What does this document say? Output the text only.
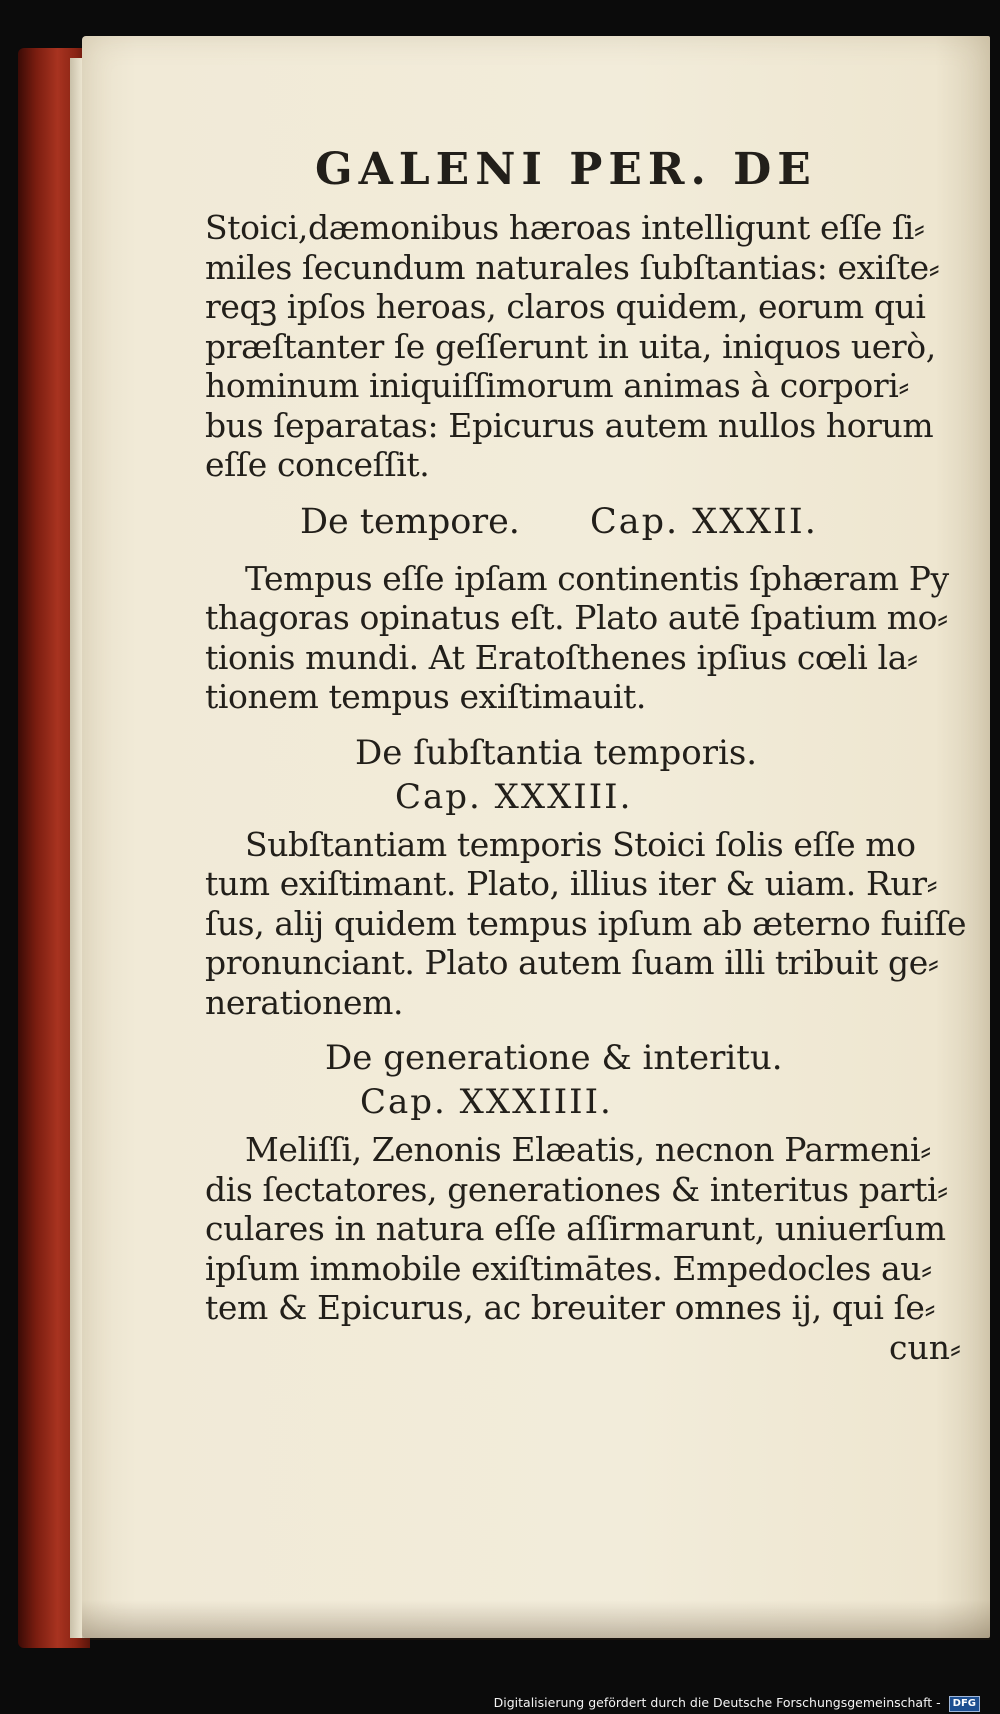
GALENI PER. DE
Stoici,dæmonibus hæroas intelligunt eſſe ſi⸗
miles ſecundum naturales ſubſtantias: exiſte⸗
reqꝫ ipſos heroas, claros quidem, eorum qui
præſtanter ſe geſſerunt in uita, iniquos uerò,
hominum iniquiſſimorum animas à corpori⸗
bus ſeparatas: Epicurus autem nullos horum
eſſe conceſſit.
De tempore. Cap. XXXII.
Tempus eſſe ipſam continentis ſphæram Py
thagoras opinatus eſt. Plato autē ſpatium mo⸗
tionis mundi. At Eratoſthenes ipſius cœli la⸗
tionem tempus exiſtimauit.
De ſubſtantia temporis.
Cap. XXXIII.
Subſtantiam temporis Stoici ſolis eſſe mo
tum exiſtimant. Plato, illius iter & uiam. Rur⸗
ſus, alij quidem tempus ipſum ab æterno fuiſſe
pronunciant. Plato autem ſuam illi tribuit ge⸗
nerationem.
De generatione & interitu.
Cap. XXXIIII.
Meliſſi, Zenonis Elæatis, necnon Parmeni⸗
dis ſectatores, generationes & interitus parti⸗
culares in natura eſſe aſſirmarunt, uniuerſum
ipſum immobile exiſtimātes. Empedocles au⸗
tem & Epicurus, ac breuiter omnes ij, qui ſe⸗
cun⸗
Digitalisierung gefördert durch die Deutsche Forschungsgemeinschaft - DFG
